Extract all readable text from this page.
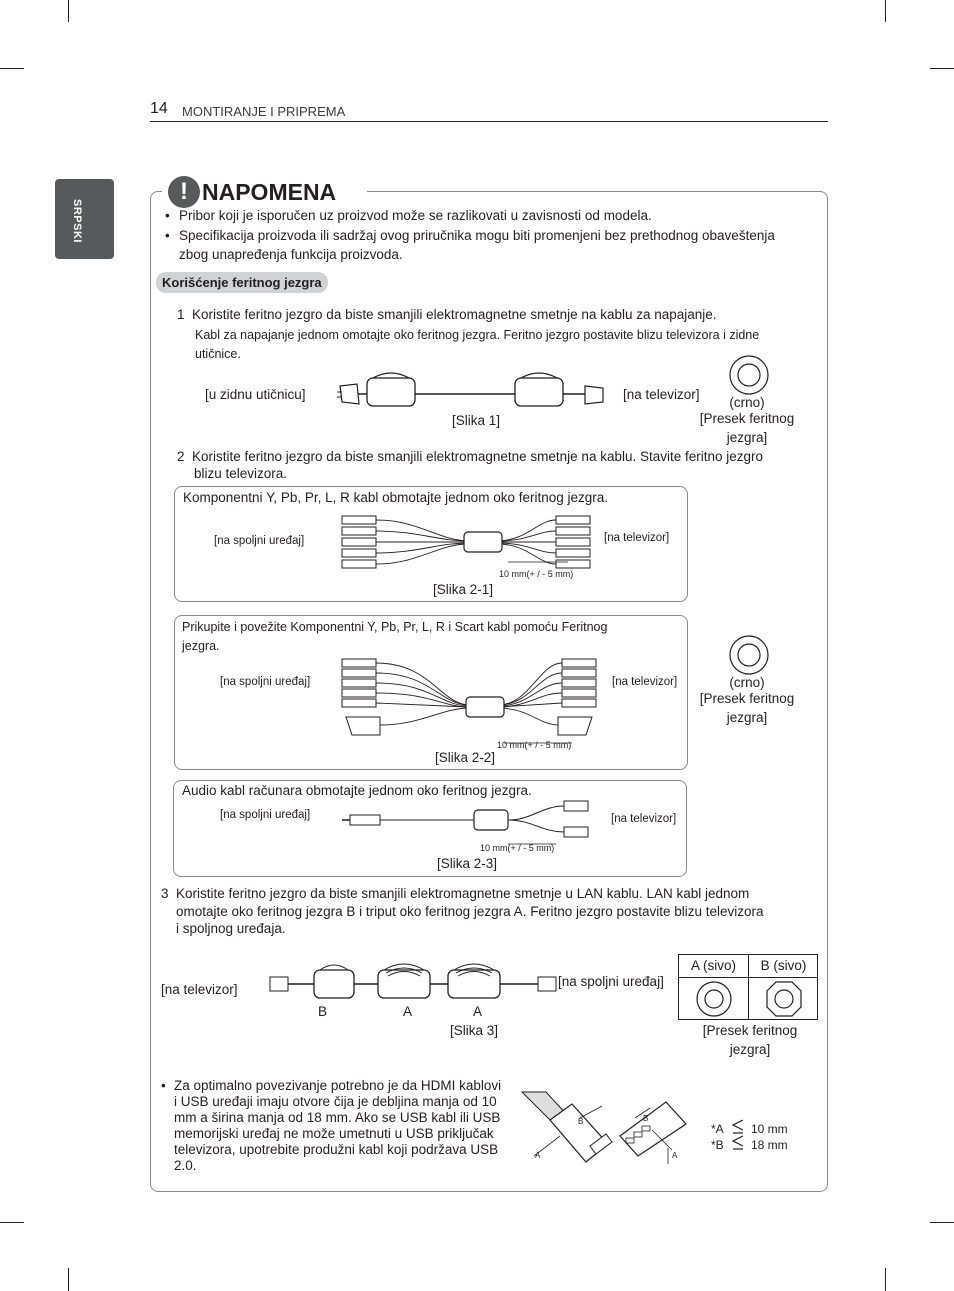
14 MONTIRANJE I PRIPREMA
SRPSKI
! NAPOMENA
• Pribor koji je isporučen uz proizvod može se razlikovati u zavisnosti od modela.
• Specifikacija proizvoda ili sadržaj ovog priručnika mogu biti promenjeni bez prethodnog obaveštenja
zbog unapređenja funkcija proizvoda.
Korišćenje feritnog jezgra
1 Koristite feritno jezgro da biste smanjili elektromagnetne smetnje na kablu za napajanje.
Kabl za napajanje jednom omotajte oko feritnog jezgra. Feritno jezgro postavite blizu televizora i zidne
utičnice.
[u zidnu utičnicu]	[na televizor]
[Slika 1]
(crno)
[Presek feritnog
jezgra]
2 Koristite feritno jezgro da biste smanjili elektromagnetne smetnje na kablu. Stavite feritno jezgro
blizu televizora.
Komponentni Y, Pb, Pr, L, R kabl obmotajte jednom oko feritnog jezgra.
[na spoljni uređaj]	[na televizor]
10 mm(+ / - 5 mm)
[Slika 2-1]
Prikupite i povežite Komponentni Y, Pb, Pr, L, R i Scart kabl pomoću Feritnog
jezgra.
[na spoljni uređaj]	[na televizor]
10 mm(+ / - 5 mm)
[Slika 2-2]
(crno)
[Presek feritnog
jezgra]
Audio kabl računara obmotajte jednom oko feritnog jezgra.
[na spoljni uređaj]	[na televizor]
10 mm(+ / - 5 mm)
[Slika 2-3]
3 Koristite feritno jezgro da biste smanjili elektromagnetne smetnje u LAN kablu. LAN kabl jednom
omotajte oko feritnog jezgra B i triput oko feritnog jezgra A. Feritno jezgro postavite blizu televizora
i spoljnog uređaja.
[na televizor]
[na spoljni uređaj]
B	A	A
[Slika 3]
A (sivo)	B (sivo)
[Presek feritnog
jezgra]
• Za optimalno povezivanje potrebno je da HDMI kablovi
i USB uređaji imaju otvore čija je debljina manja od 10
mm a širina manja od 18 mm. Ako se USB kabl ili USB
memorijski uređaj ne može umetnuti u USB priključak
televizora, upotrebite produžni kabl koji podržava USB
2.0.
B
A
B
A
*A
*B
10 mm
18 mm
